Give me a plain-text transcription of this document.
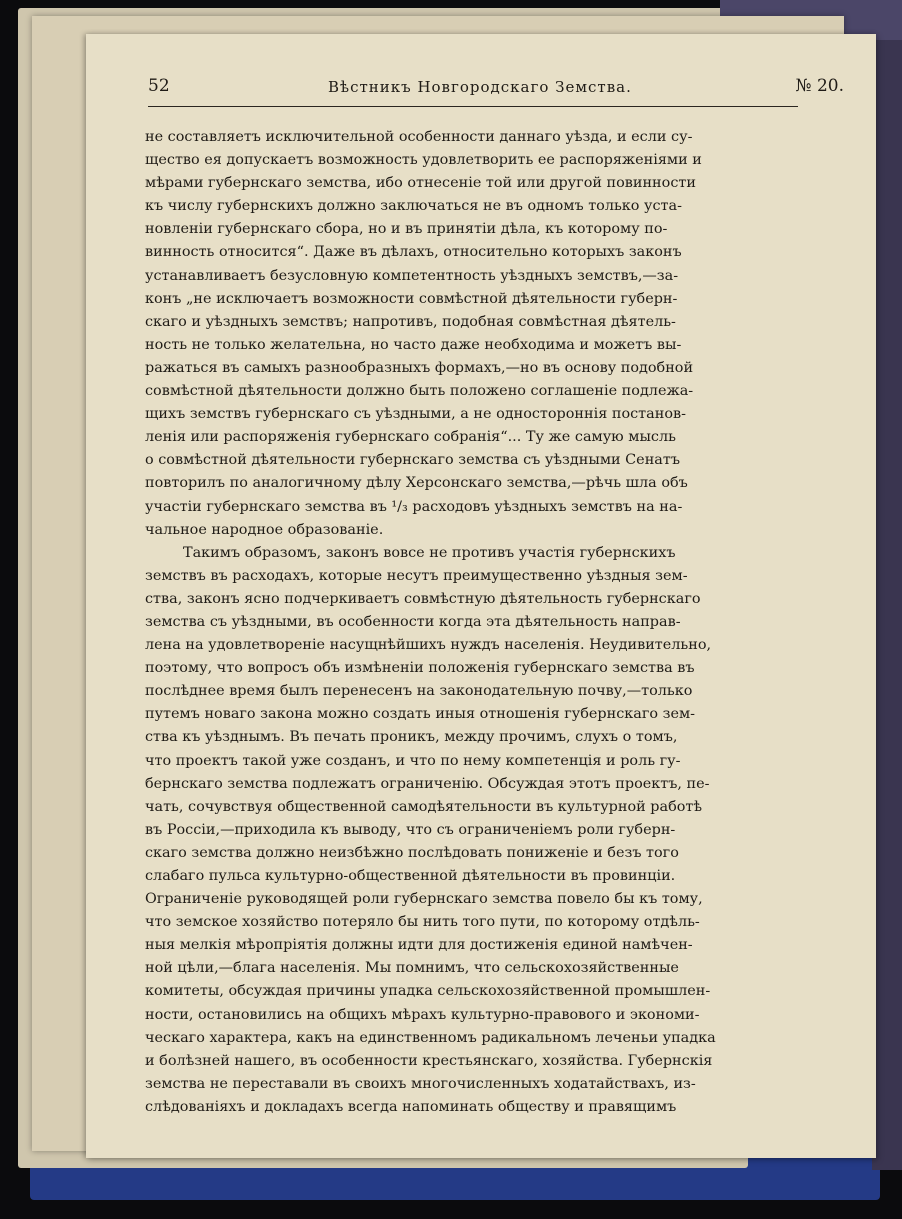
52	Вѣстникъ Новгородскаго Земства.	№ 20.
не составляетъ исключительной особенности даннаго уѣзда, и если су-
щество ея допускаетъ возможность удовлетворить ее распоряженіями и
мѣрами губернскаго земства, ибо отнесеніе той или другой повинности
къ числу губернскихъ должно заключаться не въ одномъ только уста-
новленіи губернскаго сбора, но и въ принятіи дѣла, къ которому по-
винность относится“. Даже въ дѣлахъ, относительно которыхъ законъ
устанавливаетъ безусловную компетентность уѣздныхъ земствъ,—за-
конъ „не исключаетъ возможности совмѣстной дѣятельности губерн-
скаго и уѣздныхъ земствъ; напротивъ, подобная совмѣстная дѣятель-
ность не только желательна, но часто даже необходима и можетъ вы-
ражаться въ самыхъ разнообразныхъ формахъ,—но въ основу подобной
совмѣстной дѣятельности должно быть положено соглашеніе подлежа-
щихъ земствъ губернскаго съ уѣздными, а не одностороннія постанов-
ленія или распоряженія губернскаго собранія“... Ту же самую мысль
о совмѣстной дѣятельности губернскаго земства съ уѣздными Сенатъ
повторилъ по аналогичному дѣлу Херсонскаго земства,—рѣчь шла объ
участіи губернскаго земства въ ¹/₃ расходовъ уѣздныхъ земствъ на на-
чальное народное образованіе.
Такимъ образомъ, законъ вовсе не противъ участія губернскихъ
земствъ въ расходахъ, которые несутъ преимущественно уѣздныя зем-
ства, законъ ясно подчеркиваетъ совмѣстную дѣятельность губернскаго
земства съ уѣздными, въ особенности когда эта дѣятельность направ-
лена на удовлетвореніе насущнѣйшихъ нуждъ населенія. Неудивительно,
поэтому, что вопросъ объ измѣненіи положенія губернскаго земства въ
послѣднее время былъ перенесенъ на законодательную почву,—только
путемъ новаго закона можно создать иныя отношенія губернскаго зем-
ства къ уѣзднымъ. Въ печать проникъ, между прочимъ, слухъ о томъ,
что проектъ такой уже созданъ, и что по нему компетенція и роль гу-
бернскаго земства подлежатъ ограниченію. Обсуждая этотъ проектъ, пе-
чать, сочувствуя общественной самодѣятельности въ культурной работѣ
въ Россіи,—приходила къ выводу, что съ ограниченіемъ роли губерн-
скаго земства должно неизбѣжно послѣдовать пониженіе и безъ того
слабаго пульса культурно-общественной дѣятельности въ провинціи.
Ограниченіе руководящей роли губернскаго земства повело бы къ тому,
что земское хозяйство потеряло бы нить того пути, по которому отдѣль-
ныя мелкія мѣропріятія должны идти для достиженія единой намѣчен-
ной цѣли,—блага населенія. Мы помнимъ, что сельскохозяйственные
комитеты, обсуждая причины упадка сельскохозяйственной промышлен-
ности, остановились на общихъ мѣрахъ культурно-правового и экономи-
ческаго характера, какъ на единственномъ радикальномъ леченьи упадка
и болѣзней нашего, въ особенности крестьянскаго, хозяйства. Губернскія
земства не переставали въ своихъ многочисленныхъ ходатайствахъ, из-
слѣдованіяхъ и докладахъ всегда напоминать обществу и правящимъ
